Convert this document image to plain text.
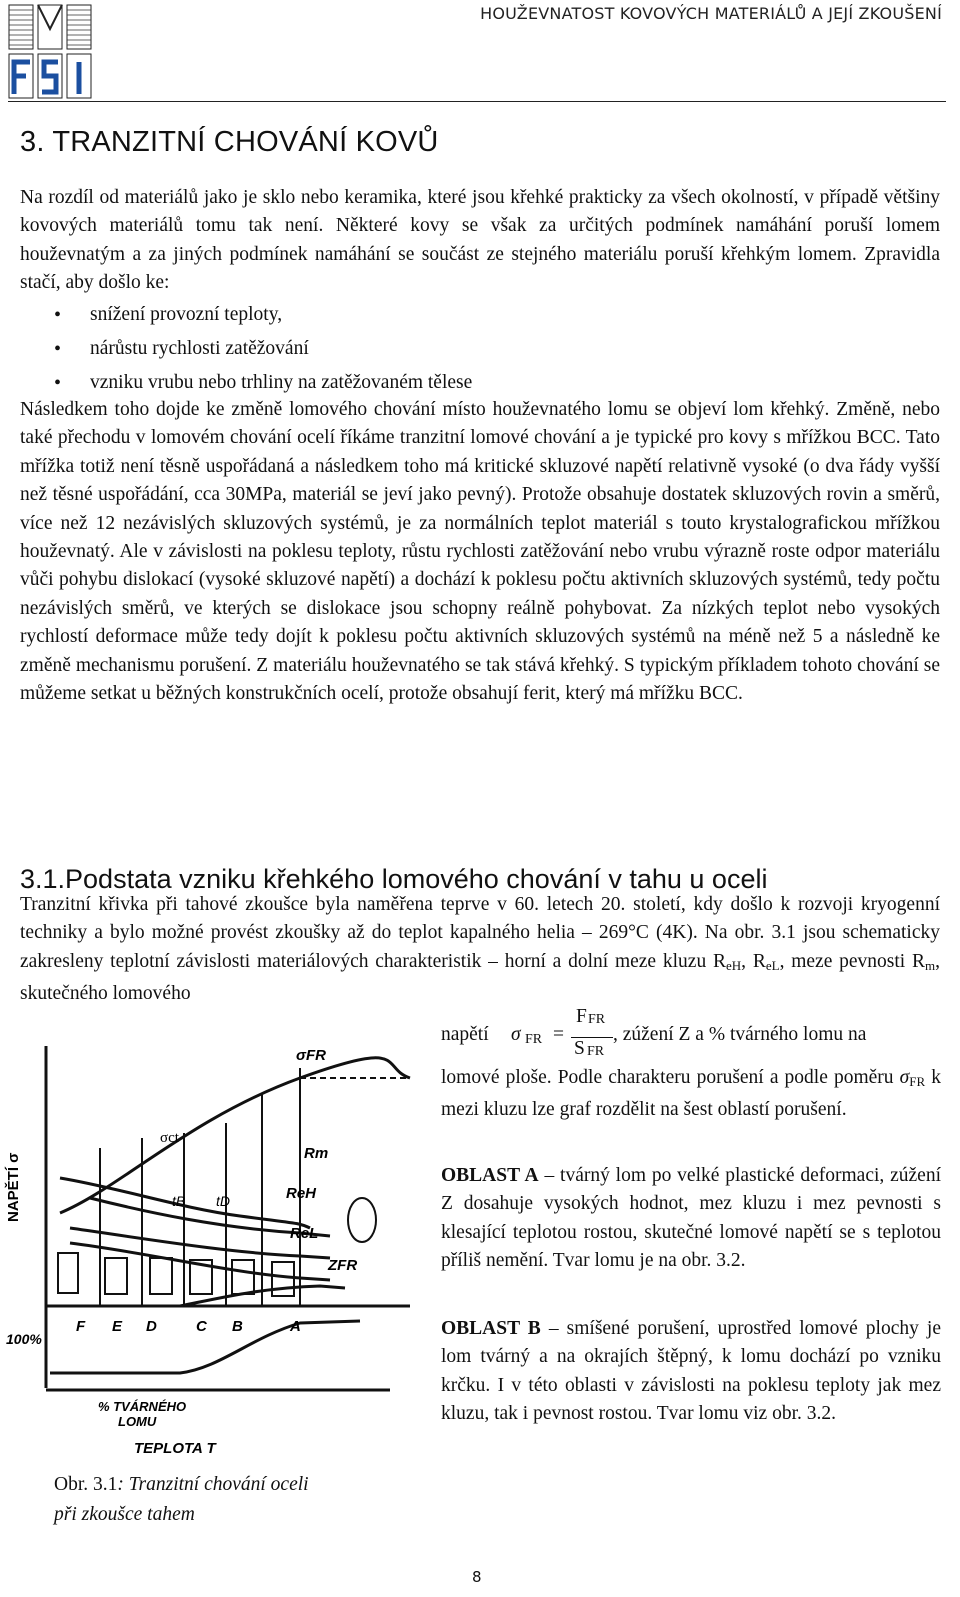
HOUŽEVNATOST KOVOVÝCH MATERIÁLŮ A JEJÍ ZKOUŠENÍ
3. TRANZITNÍ CHOVÁNÍ KOVŮ

Na rozdíl od materiálů jako je sklo nebo keramika, které jsou křehké prakticky za všech okolností, v případě většiny kovových materiálů tomu tak není. Některé kovy se však za určitých podmínek namáhání poruší lomem houževnatým a za jiných podmínek namáhání se součást ze stejného materiálu poruší křehkým lomem. Zpravidla stačí, aby došlo ke:

• snížení provozní teploty,
• nárůstu rychlosti zatěžování
• vzniku vrubu nebo trhliny na zatěžovaném tělese

Následkem toho dojde ke změně lomového chování místo houževnatého lomu se objeví lom křehký. Změně, nebo také přechodu v lomovém chování ocelí říkáme tranzitní lomové chování a je typické pro kovy s mřížkou BCC. Tato mřížka totiž není těsně uspořádaná a následkem toho má kritické skluzové napětí relativně vysoké (o dva řády vyšší než těsné uspořádání, cca 30MPa, materiál se jeví jako pevný). Protože obsahuje dostatek skluzových rovin a směrů, více než 12 nezávislých skluzových systémů, je za normálních teplot materiál s touto krystalografickou mřížkou houževnatý. Ale v závislosti na poklesu teploty, růstu rychlosti zatěžování nebo vrubu výrazně roste odpor materiálu vůči pohybu dislokací (vysoké skluzové napětí) a dochází k poklesu počtu aktivních skluzových systémů, tedy počtu nezávislých směrů, ve kterých se dislokace jsou schopny reálně pohybovat. Za nízkých teplot nebo vysokých rychlostí deformace může tedy dojít k poklesu počtu aktivních skluzových systémů na méně než 5 a následně ke změně mechanismu porušení. Z materiálu houževnatého se tak stává křehký. S typickým příkladem tohoto chování se můžeme setkat u běžných konstrukčních ocelí, protože obsahují ferit, který má mřížku BCC.

3.1.Podstata vzniku křehkého lomového chování v tahu u oceli

Tranzitní křivka při tahové zkoušce byla naměřena teprve v 60. letech 20. století, kdy došlo k rozvoji kryogenní techniky a bylo možné provést zkoušky až do teplot kapalného helia – 269°C (4K). Na obr. 3.1 jsou schematicky zakresleny teplotní závislosti materiálových charakteristik – horní a dolní meze kluzu $R_{eH}$, $R_{eL}$, meze pevnosti $R_m$, skutečného lomového

napětí σ FR =
F FR
S FR
, zúžení Z a % tvárného lomu na

lomové ploše. Podle charakteru porušení a podle poměru $\sigma_{FR}$ k mezi kluzu lze graf rozdělit na šest oblastí porušení.

OBLAST A – tvárný lom po velké plastické deformaci, zúžení Z dosahuje vysokých hodnot, mez kluzu i mez pevnosti s klesající teplotou rostou, skutečné lomové napětí se s teplotou příliš nemění. Tvar lomu je na obr. 3.2.

OBLAST B – smíšené porušení, uprostřed lomové plochy je lom tvárný a na okrajích štěpný, k lomu dochází po vzniku krčku. I v této oblasti v závislosti na poklesu teploty jak mez kluzu, tak i pevnost rostou. Tvar lomu viz obr. 3.2.

NAPĚTÍ σ
100%
% TVÁRNÉHO
LOMU
TEPLOTA T
σFR
σct
Rm
ReH
ReL
ZFR
tB tD
F E D	C B	A
Obr. 3.1: Tranzitní chování oceli
při zkoušce tahem
8
